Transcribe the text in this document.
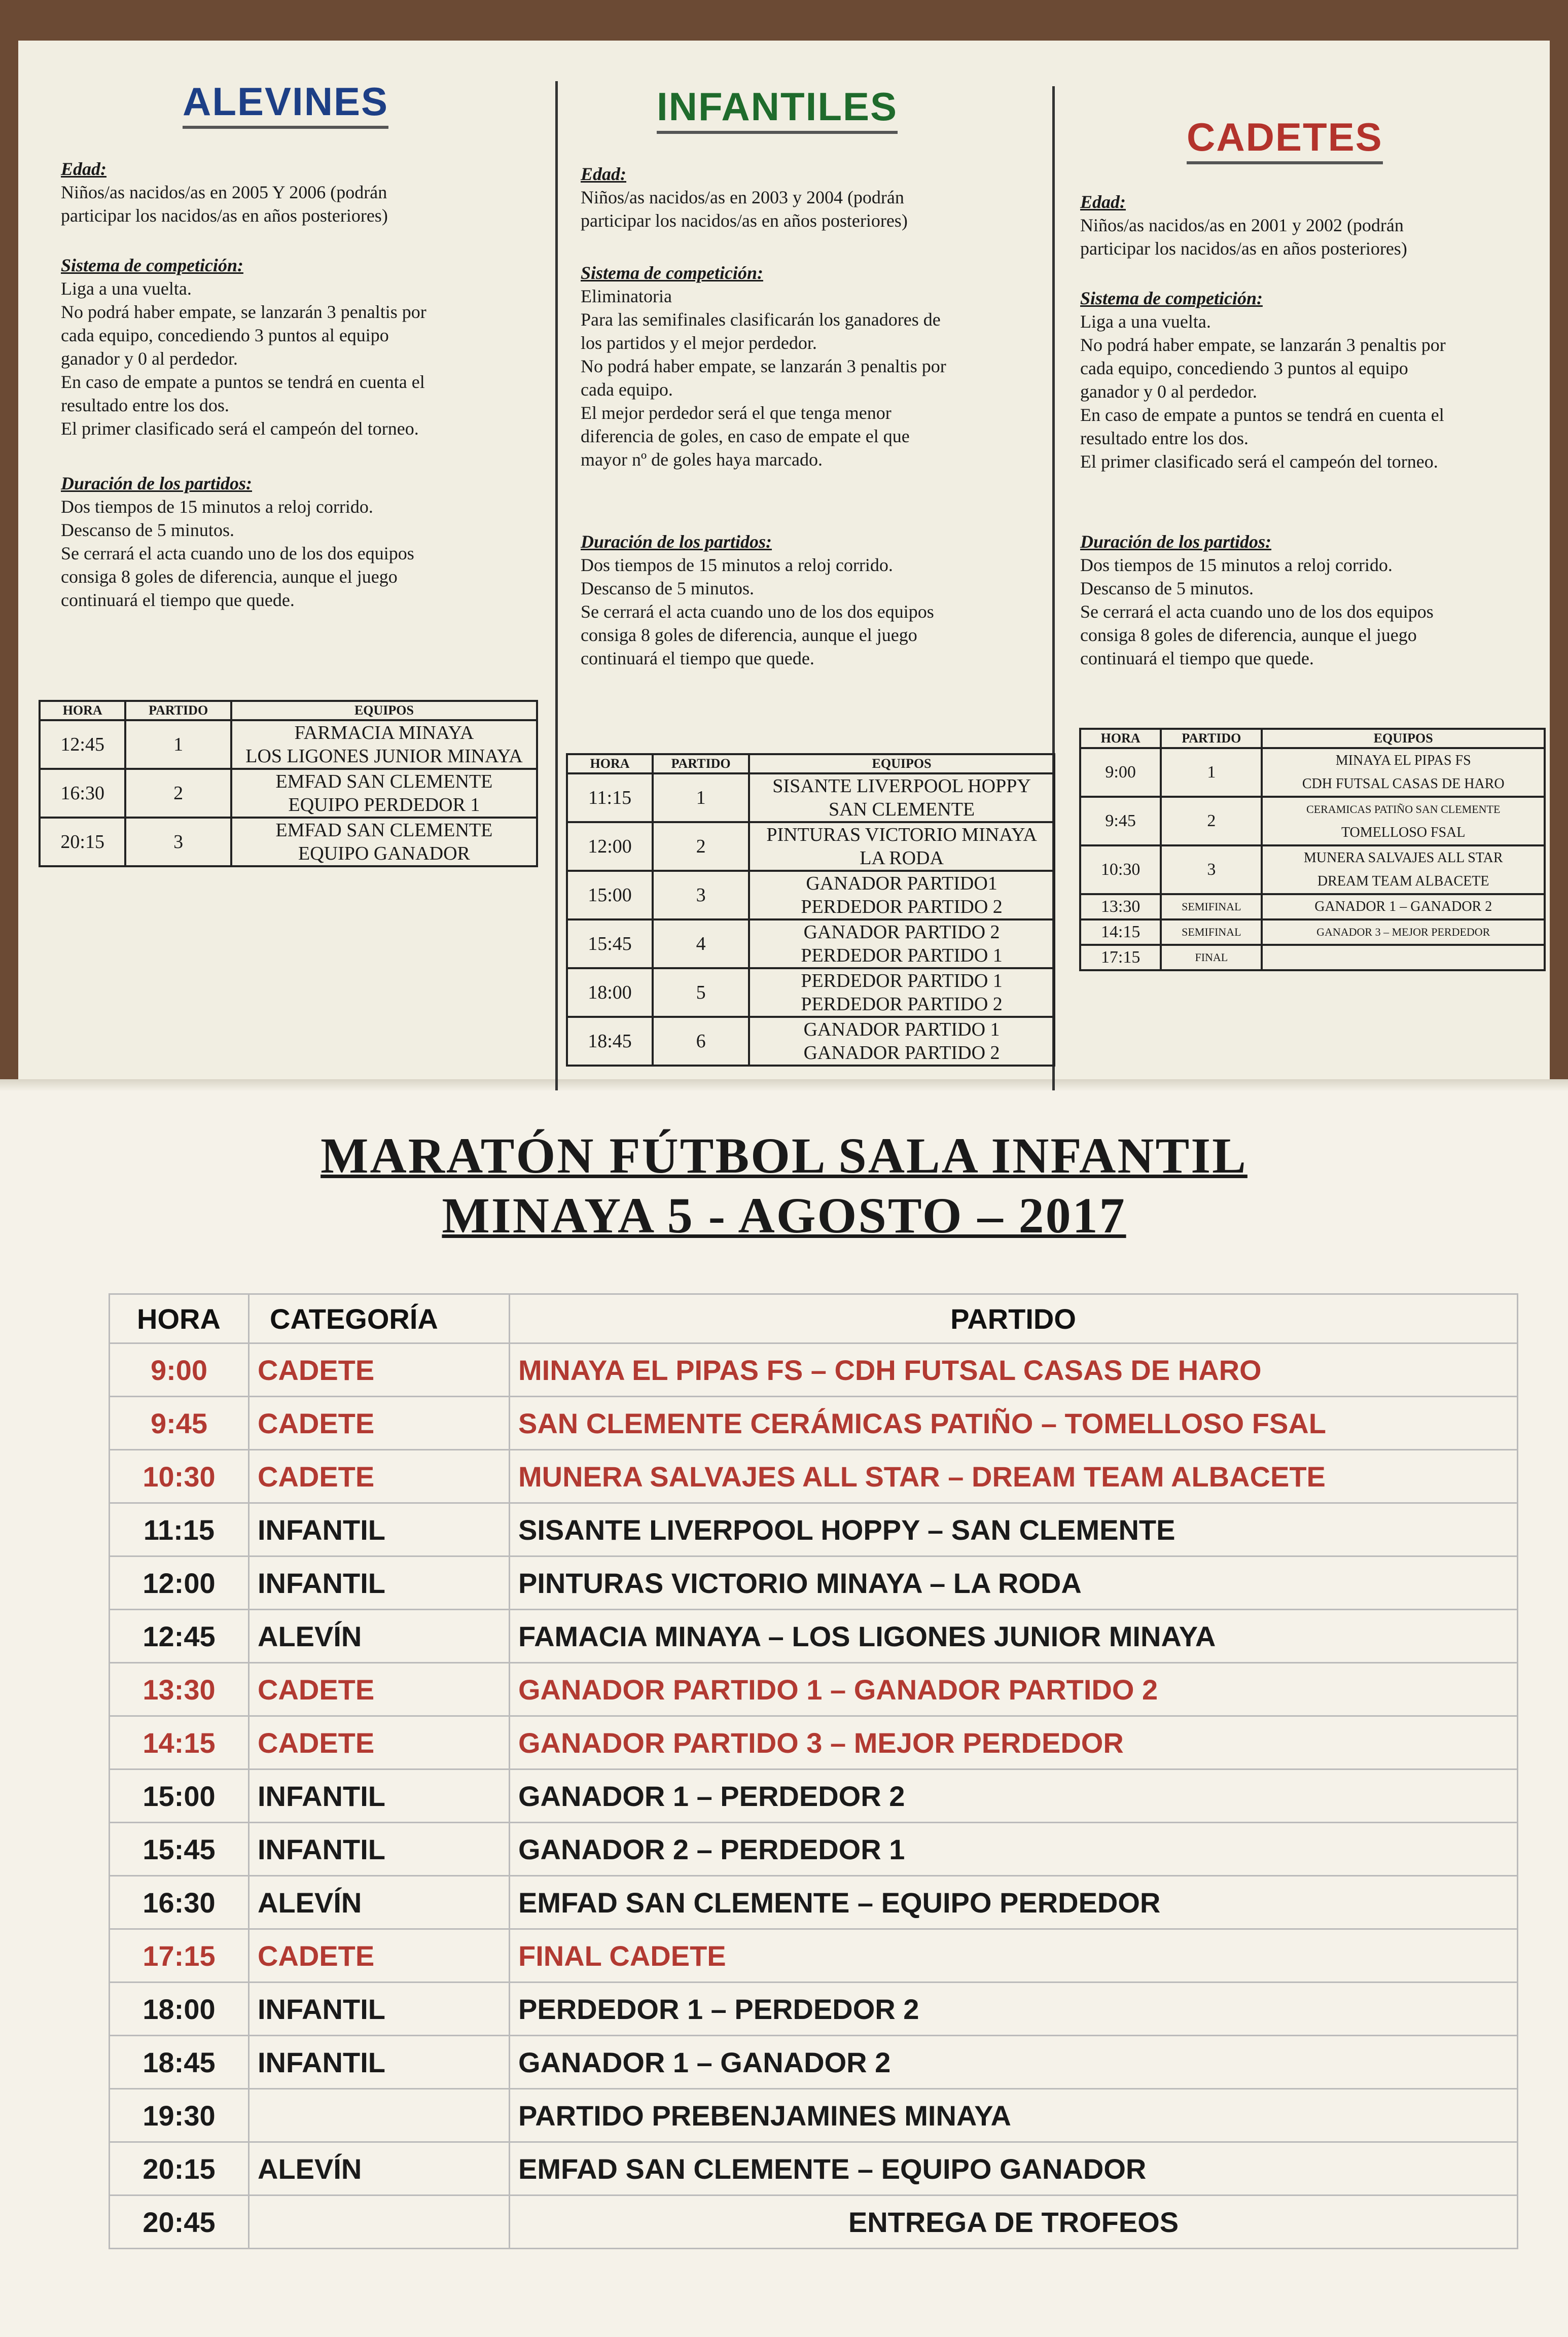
ALEVINES
Edad:
Niños/as nacidos/as en 2005 Y 2006 (podrán
participar los nacidos/as en años posteriores)
Sistema de competición:
Liga a una vuelta.
No podrá haber empate, se lanzarán 3 penaltis por
cada equipo, concediendo 3 puntos al equipo
ganador y 0 al perdedor.
En caso de empate a puntos se tendrá en cuenta el
resultado entre los dos.
El primer clasificado será el campeón del torneo.
Duración de los partidos:
Dos tiempos de 15 minutos a reloj corrido.
Descanso de 5 minutos.
Se cerrará el acta cuando uno de los dos equipos
consiga 8 goles de diferencia, aunque el juego
continuará el tiempo que quede.
HORA	PARTIDO	EQUIPOS
12:45	1	FARMACIA MINAYA
LOS LIGONES JUNIOR MINAYA

16:30	2	EMFAD SAN CLEMENTE
EQUIPO PERDEDOR 1

20:15	3	EMFAD SAN CLEMENTE
EQUIPO GANADOR
INFANTILES
Edad:
Niños/as nacidos/as en 2003 y 2004 (podrán
participar los nacidos/as en años posteriores)
Sistema de competición:
Eliminatoria
Para las semifinales clasificarán los ganadores de
los partidos y el mejor perdedor.
No podrá haber empate, se lanzarán 3 penaltis por
cada equipo.
El mejor perdedor será el que tenga menor
diferencia de goles, en caso de empate el que
mayor nº de goles haya marcado.
Duración de los partidos:
Dos tiempos de 15 minutos a reloj corrido.
Descanso de 5 minutos.
Se cerrará el acta cuando uno de los dos equipos
consiga 8 goles de diferencia, aunque el juego
continuará el tiempo que quede.
HORA	PARTIDO	EQUIPOS
11:15	1	SISANTE LIVERPOOL HOPPY
SAN CLEMENTE

12:00	2	PINTURAS VICTORIO MINAYA
LA RODA

15:00	3	GANADOR PARTIDO1
PERDEDOR PARTIDO 2

15:45	4	GANADOR PARTIDO 2
PERDEDOR PARTIDO 1

18:00	5	PERDEDOR PARTIDO 1
PERDEDOR PARTIDO 2

18:45	6	GANADOR PARTIDO 1
GANADOR PARTIDO 2
CADETES
Edad:
Niños/as nacidos/as en 2001 y 2002 (podrán
participar los nacidos/as en años posteriores)
Sistema de competición:
Liga a una vuelta.
No podrá haber empate, se lanzarán 3 penaltis por
cada equipo, concediendo 3 puntos al equipo
ganador y 0 al perdedor.
En caso de empate a puntos se tendrá en cuenta el
resultado entre los dos.
El primer clasificado será el campeón del torneo.
Duración de los partidos:
Dos tiempos de 15 minutos a reloj corrido.
Descanso de 5 minutos.
Se cerrará el acta cuando uno de los dos equipos
consiga 8 goles de diferencia, aunque el juego
continuará el tiempo que quede.
HORA	PARTIDO	EQUIPOS
9:00	1	MINAYA EL PIPAS FS
CDH FUTSAL CASAS DE HARO

9:45	2	CERAMICAS PATIÑO SAN CLEMENTE
TOMELLOSO FSAL

10:30	3	MUNERA SALVAJES ALL STAR
DREAM TEAM ALBACETE

13:30	SEMIFINAL	GANADOR 1 – GANADOR 2

14:15	SEMIFINAL	GANADOR 3 – MEJOR PERDEDOR

17:15	FINAL	
MARATÓN FÚTBOL SALA INFANTIL
MINAYA 5 - AGOSTO – 2017
HORA	CATEGORÍA	PARTIDO
9:00	CADETE	MINAYA EL PIPAS FS – CDH FUTSAL CASAS DE HARO
9:45	CADETE	SAN CLEMENTE CERÁMICAS PATIÑO – TOMELLOSO FSAL
10:30	CADETE	MUNERA SALVAJES ALL STAR – DREAM TEAM ALBACETE
11:15	INFANTIL	SISANTE LIVERPOOL HOPPY – SAN CLEMENTE
12:00	INFANTIL	PINTURAS VICTORIO MINAYA – LA RODA
12:45	ALEVÍN	FAMACIA MINAYA – LOS LIGONES JUNIOR MINAYA
13:30	CADETE	GANADOR PARTIDO 1 – GANADOR PARTIDO 2
14:15	CADETE	GANADOR PARTIDO 3 – MEJOR PERDEDOR
15:00	INFANTIL	GANADOR 1 – PERDEDOR 2
15:45	INFANTIL	GANADOR 2 – PERDEDOR 1
16:30	ALEVÍN	EMFAD SAN CLEMENTE – EQUIPO PERDEDOR
17:15	CADETE	FINAL CADETE
18:00	INFANTIL	PERDEDOR 1 – PERDEDOR 2
18:45	INFANTIL	GANADOR 1 – GANADOR 2
19:30		PARTIDO PREBENJAMINES MINAYA
20:15	ALEVÍN	EMFAD SAN CLEMENTE – EQUIPO GANADOR
20:45		ENTREGA DE TROFEOS
